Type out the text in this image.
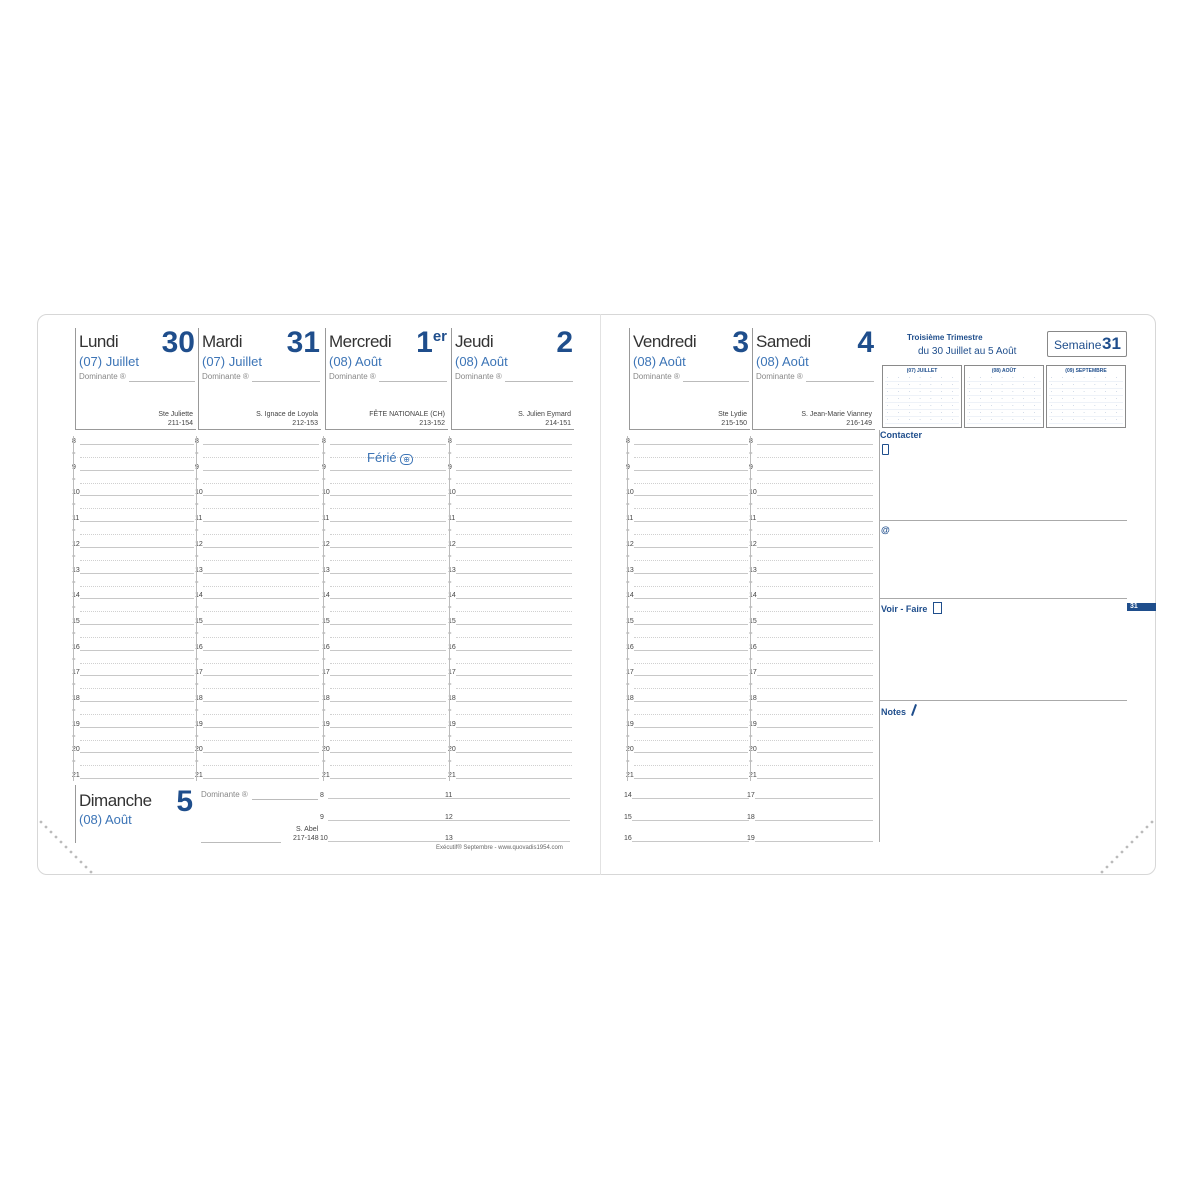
Lundi 30
(07) Juillet
Dominante ®
Ste Juliette
211-154
Mardi 31
(07) Juillet
Dominante ®
S. Ignace de Loyola
212-153
Mercredi 1er
(08) Août
Dominante ®
FÊTE NATIONALE (CH)
213-152
Jeudi 2
(08) Août
Dominante ®
S. Julien Eymard
214-151
Vendredi 3
(08) Août
Dominante ®
Ste Lydie
215-150
Samedi 4
(08) Août
Dominante ®
S. Jean-Marie Vianney
216-149
8
=
9
=
10
=
11
=
12
=
13
=
14
=
15
=
16
=
17
=
18
=
19
=
20
=
21
8
=
9
=
10
=
11
=
12
=
13
=
14
=
15
=
16
=
17
=
18
=
19
=
20
=
21
8
=
9
=
10
=
11
=
12
=
13
=
14
=
15
=
16
=
17
=
18
=
19
=
20
=
21
8
=
9
=
10
=
11
=
12
=
13
=
14
=
15
=
16
=
17
=
18
=
19
=
20
=
21
8
=
9
=
10
=
11
=
12
=
13
=
14
=
15
=
16
=
17
=
18
=
19
=
20
=
21
8
=
9
=
10
=
11
=
12
=
13
=
14
=
15
=
16
=
17
=
18
=
19
=
20
=
21
8
9
10
11
12
13
14
15
16
17
18
19
Férié ⊕
Dimanche 5
(08) Août
Dominante ®
S. Abel
217-148
Troisième Trimestre
du 30 Juillet au 5 Août	Semaine 31
(07) JUILLET
· · · · · · ·
· · · · · · ·
· · · · · · ·
· · · · · · ·
· · · · · · ·
· · · · · · ·
· · · · · · ·
(08) AOÛT
· · · · · · ·
· · · · · · ·
· · · · · · ·
· · · · · · ·
· · · · · · ·
· · · · · · ·
· · · · · · ·
(09) SEPTEMBRE
· · · · · · ·
· · · · · · ·
· · · · · · ·
· · · · · · ·
· · · · · · ·
· · · · · · ·
· · · · · · ·
Contacter
@
Voir - Faire
Notes
31
Exécutif® Septembre - www.quovadis1954.com
